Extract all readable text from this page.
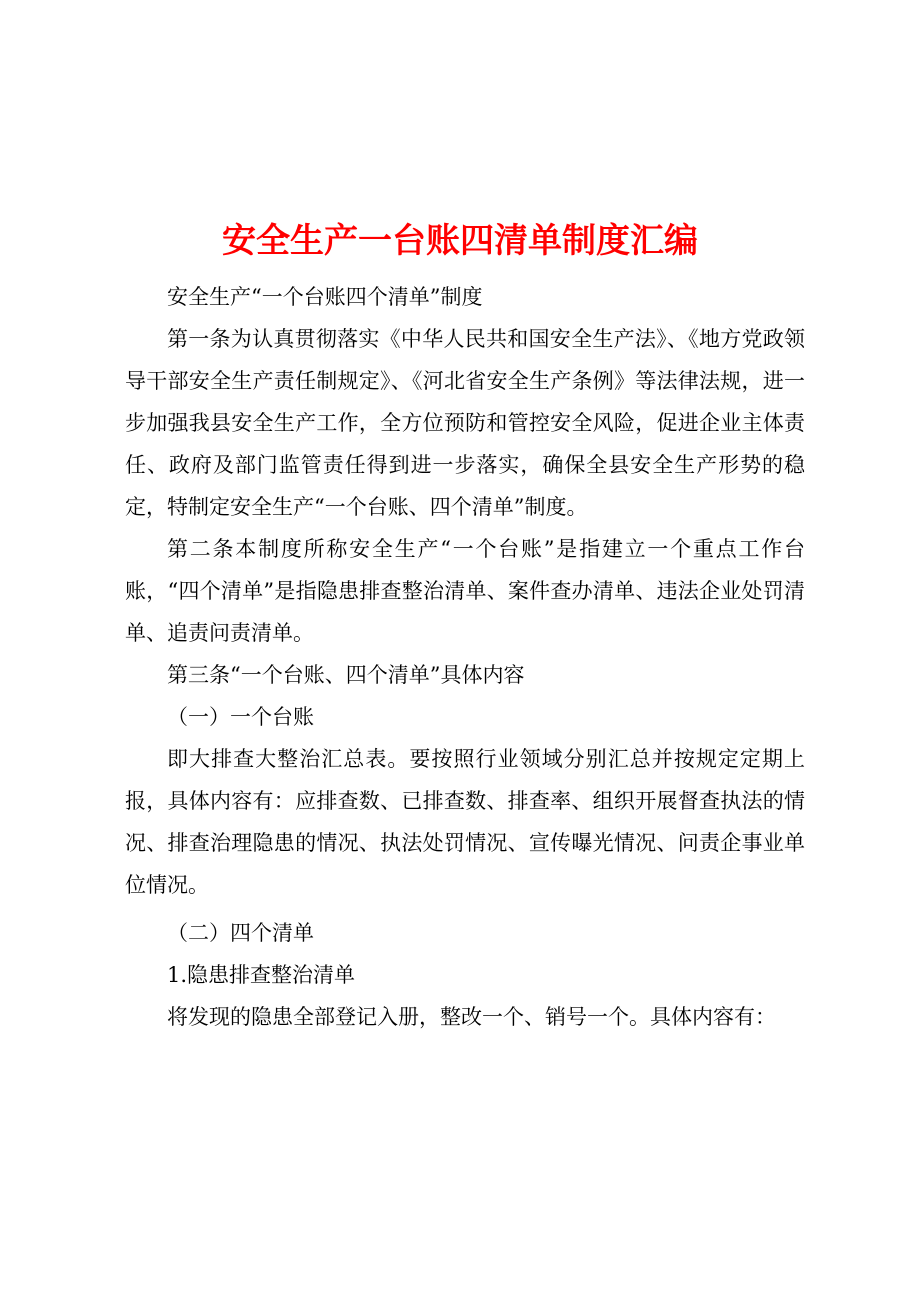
安全生产一台账四清单制度汇编

安全生产“一个台账四个清单”制度

第一条为认真贯彻落实《中华人民共和国安全生产法》、《地方党政领导干部安全生产责任制规定》、《河北省安全生产条例》等法律法规，进一步加强我县安全生产工作，全方位预防和管控安全风险，促进企业主体责任、政府及部门监管责任得到进一步落实，确保全县安全生产形势的稳定，特制定安全生产“一个台账、四个清单”制度。

第二条本制度所称安全生产“一个台账”是指建立一个重点工作台账，“四个清单”是指隐患排查整治清单、案件查办清单、违法企业处罚清单、追责问责清单。

第三条“一个台账、四个清单”具体内容

（一）一个台账

即大排查大整治汇总表。要按照行业领域分别汇总并按规定定期上报，具体内容有：应排查数、已排查数、排查率、组织开展督查执法的情况、排查治理隐患的情况、执法处罚情况、宣传曝光情况、问责企事业单位情况。

（二）四个清单

1.隐患排查整治清单

将发现的隐患全部登记入册，整改一个、销号一个。具体内容有：
